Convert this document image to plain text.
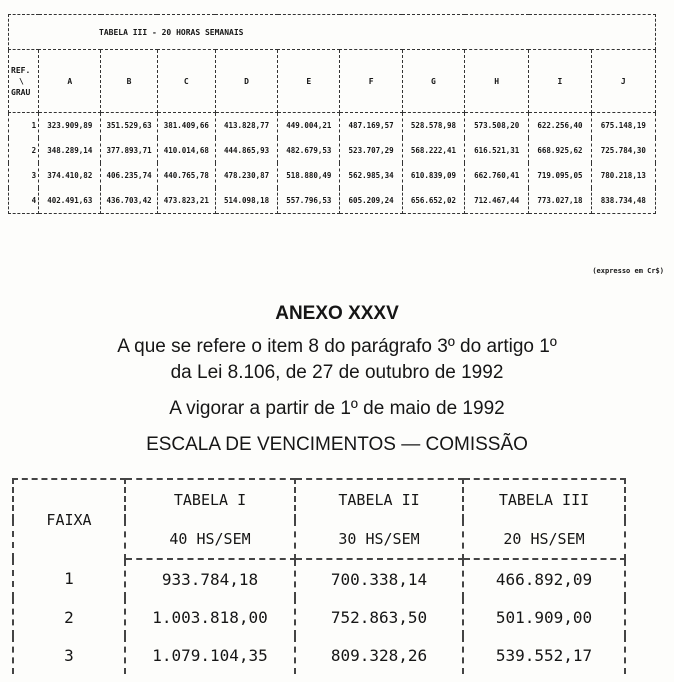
TABELA III - 20 HORAS SEMANAIS										

REF.
\
GRAU	A	B	C	D	E	F	G	H	I	J
1	323.909,89	351.529,63	381.409,66	413.828,77	449.004,21	487.169,57	528.578,98	573.508,20	622.256,40	675.148,19
2	348.289,14	377.893,71	410.014,68	444.865,93	482.679,53	523.707,29	568.222,41	616.521,31	668.925,62	725.784,30
3	374.410,82	406.235,74	440.765,78	478.230,87	518.880,49	562.985,34	610.839,09	662.760,41	719.095,05	780.218,13
4	402.491,63	436.703,42	473.823,21	514.098,18	557.796,53	605.209,24	656.652,02	712.467,44	773.027,18	838.734,48
(expresso em Cr$)
ANEXO XXXV
A que se refere o item 8 do parágrafo 3º do artigo 1º
da Lei 8.106, de 27 de outubro de 1992
A vigorar a partir de 1º de maio de 1992
ESCALA DE VENCIMENTOS — COMISSÃO
FAIXA	TABELA I	TABELA II	TABELA III
	40 HS/SEM	30 HS/SEM	20 HS/SEM
1	933.784,18	700.338,14	466.892,09
2	1.003.818,00	752.863,50	501.909,00
3	1.079.104,35	809.328,26	539.552,17
